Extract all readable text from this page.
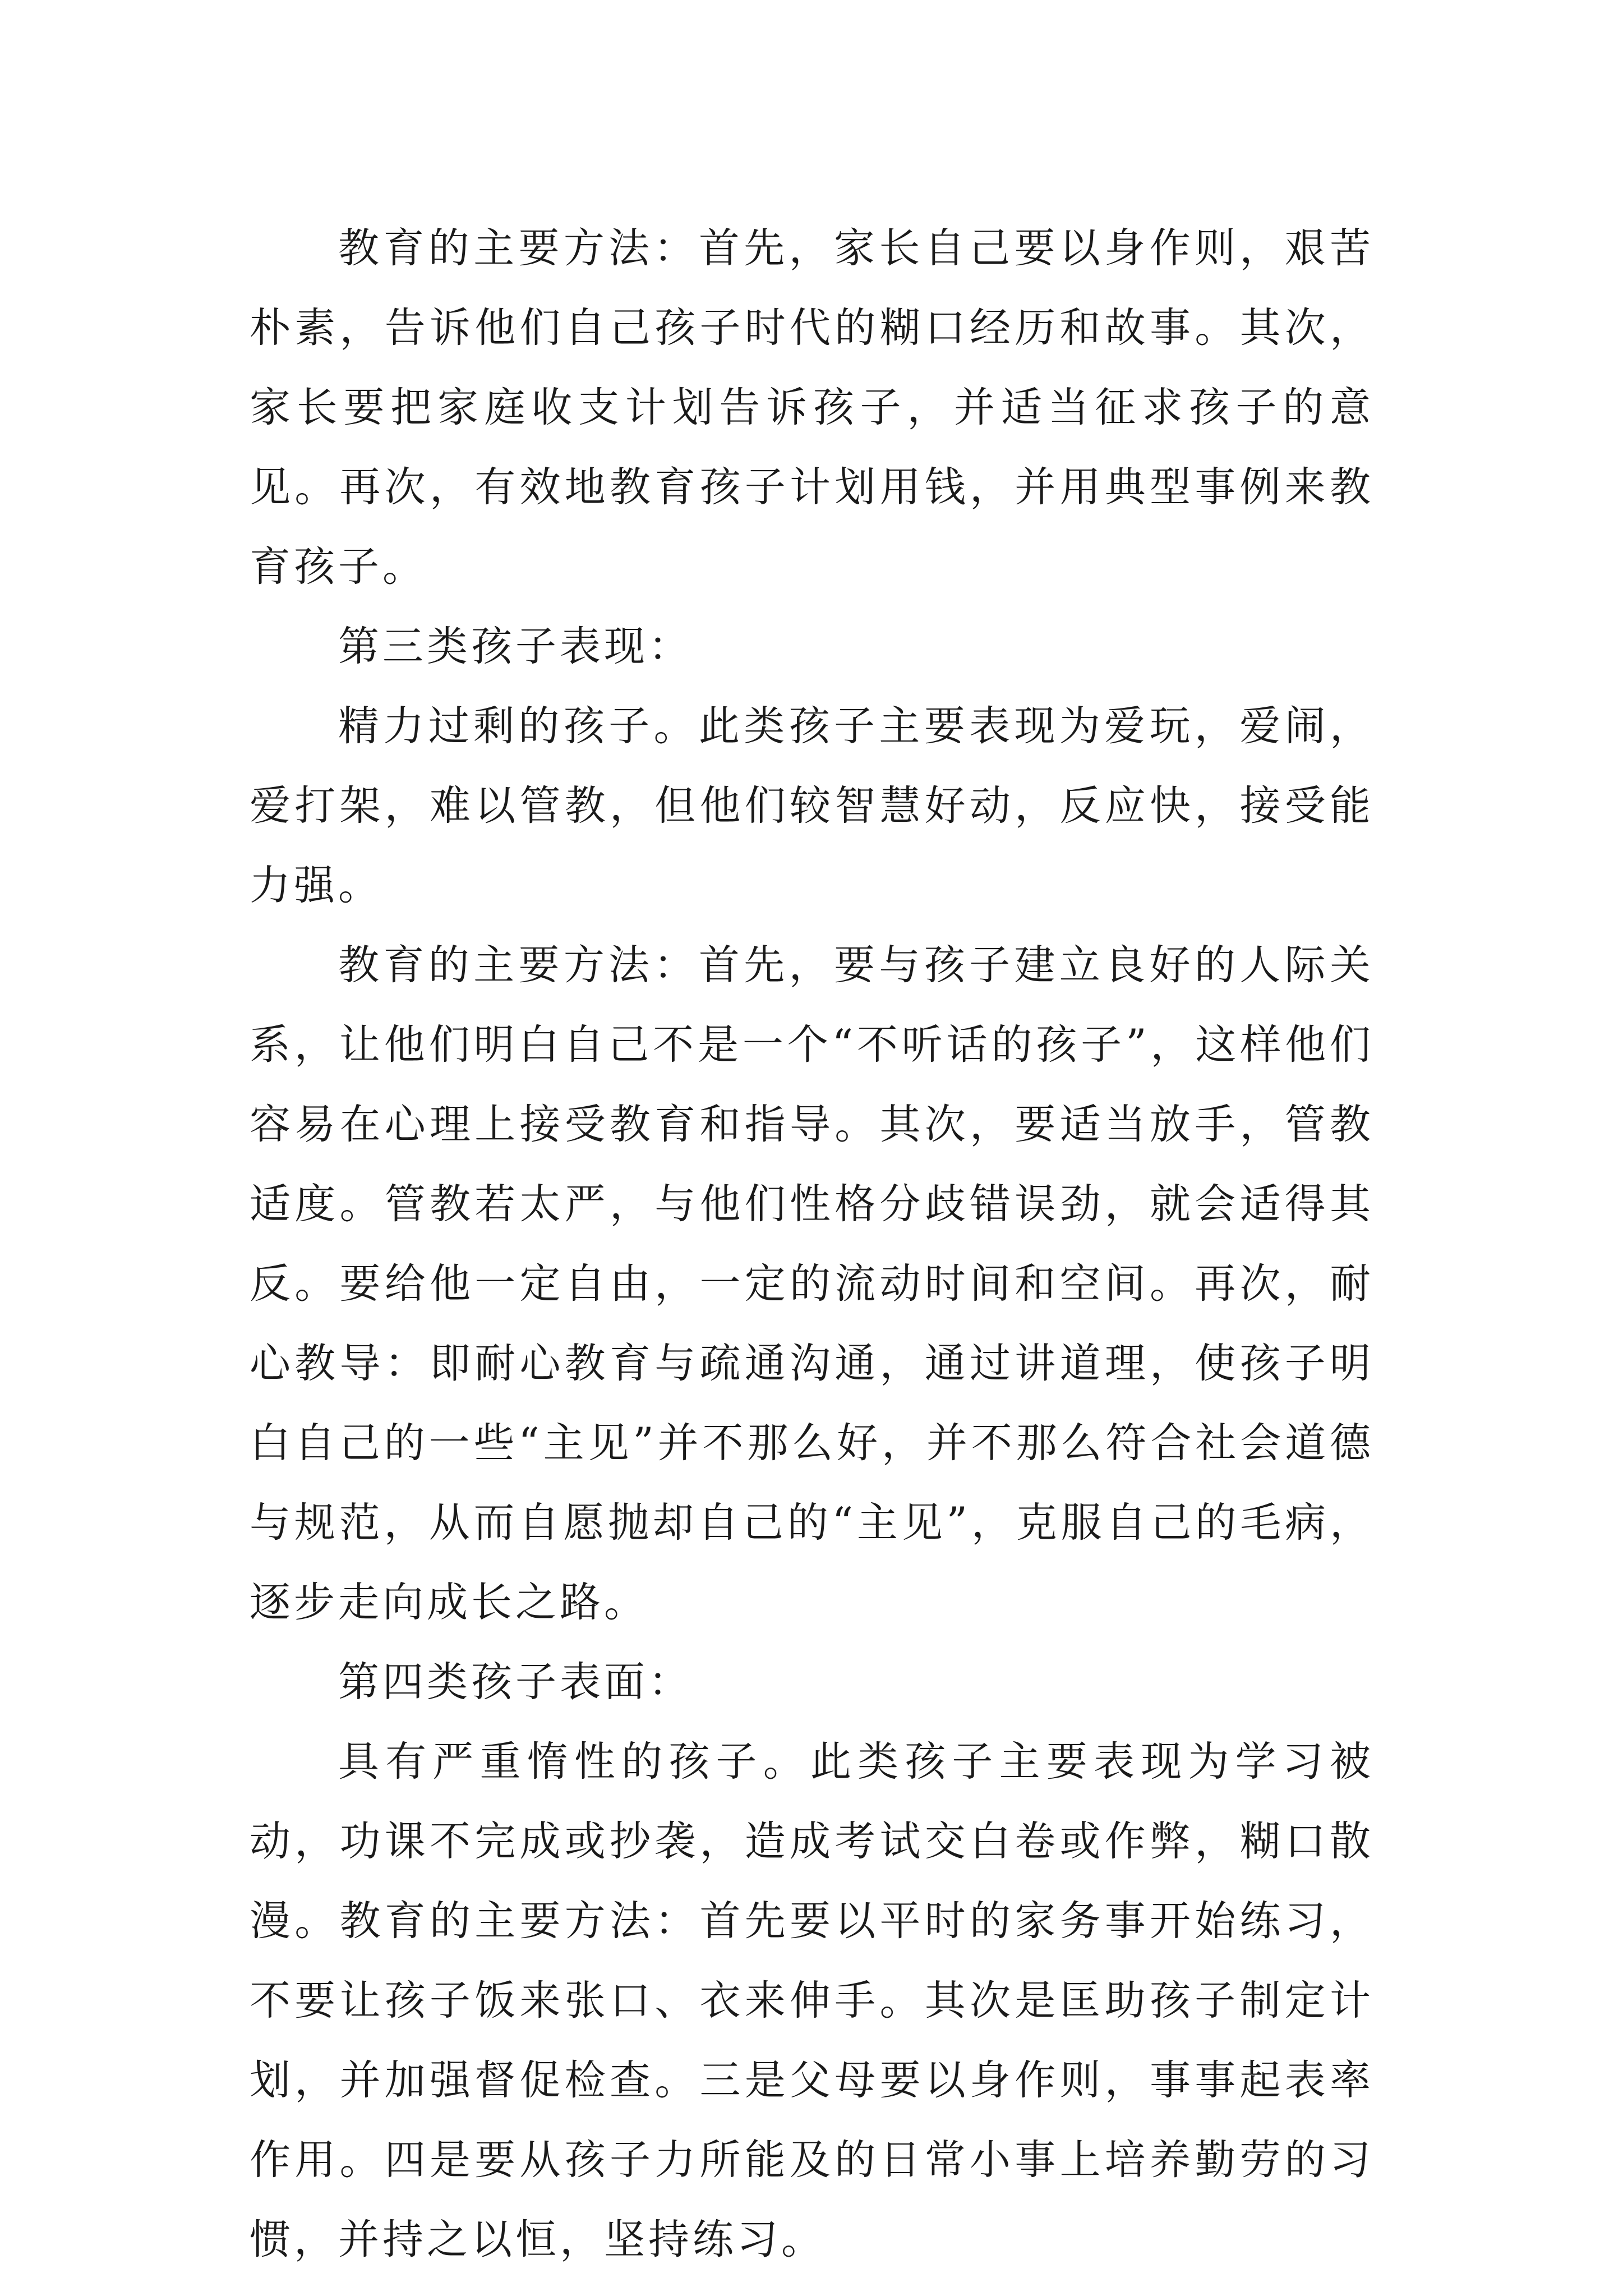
教育的主要方法：首先，家长自己要以身作则，艰苦朴素，告诉他们自己孩子时代的糊口经历和故事。其次，家长要把家庭收支计划告诉孩子，并适当征求孩子的意见。再次，有效地教育孩子计划用钱，并用典型事例来教育孩子。

第三类孩子表现：

精力过剩的孩子。此类孩子主要表现为爱玩，爱闹，爱打架，难以管教，但他们较智慧好动，反应快，接受能力强。

教育的主要方法：首先，要与孩子建立良好的人际关系，让他们明白自己不是一个“不听话的孩子”，这样他们容易在心理上接受教育和指导。其次，要适当放手，管教适度。管教若太严，与他们性格分歧错误劲，就会适得其反。要给他一定自由，一定的流动时间和空间。再次，耐心教导：即耐心教育与疏通沟通，通过讲道理，使孩子明白自己的一些“主见”并不那么好，并不那么符合社会道德与规范，从而自愿抛却自己的“主见”，克服自己的毛病，逐步走向成长之路。

第四类孩子表面：

具有严重惰性的孩子。此类孩子主要表现为学习被动，功课不完成或抄袭，造成考试交白卷或作弊，糊口散漫。教育的主要方法：首先要以平时的家务事开始练习，不要让孩子饭来张口、衣来伸手。其次是匡助孩子制定计划，并加强督促检查。三是父母要以身作则，事事起表率作用。四是要从孩子力所能及的日常小事上培养勤劳的习惯，并持之以恒，坚持练习。
